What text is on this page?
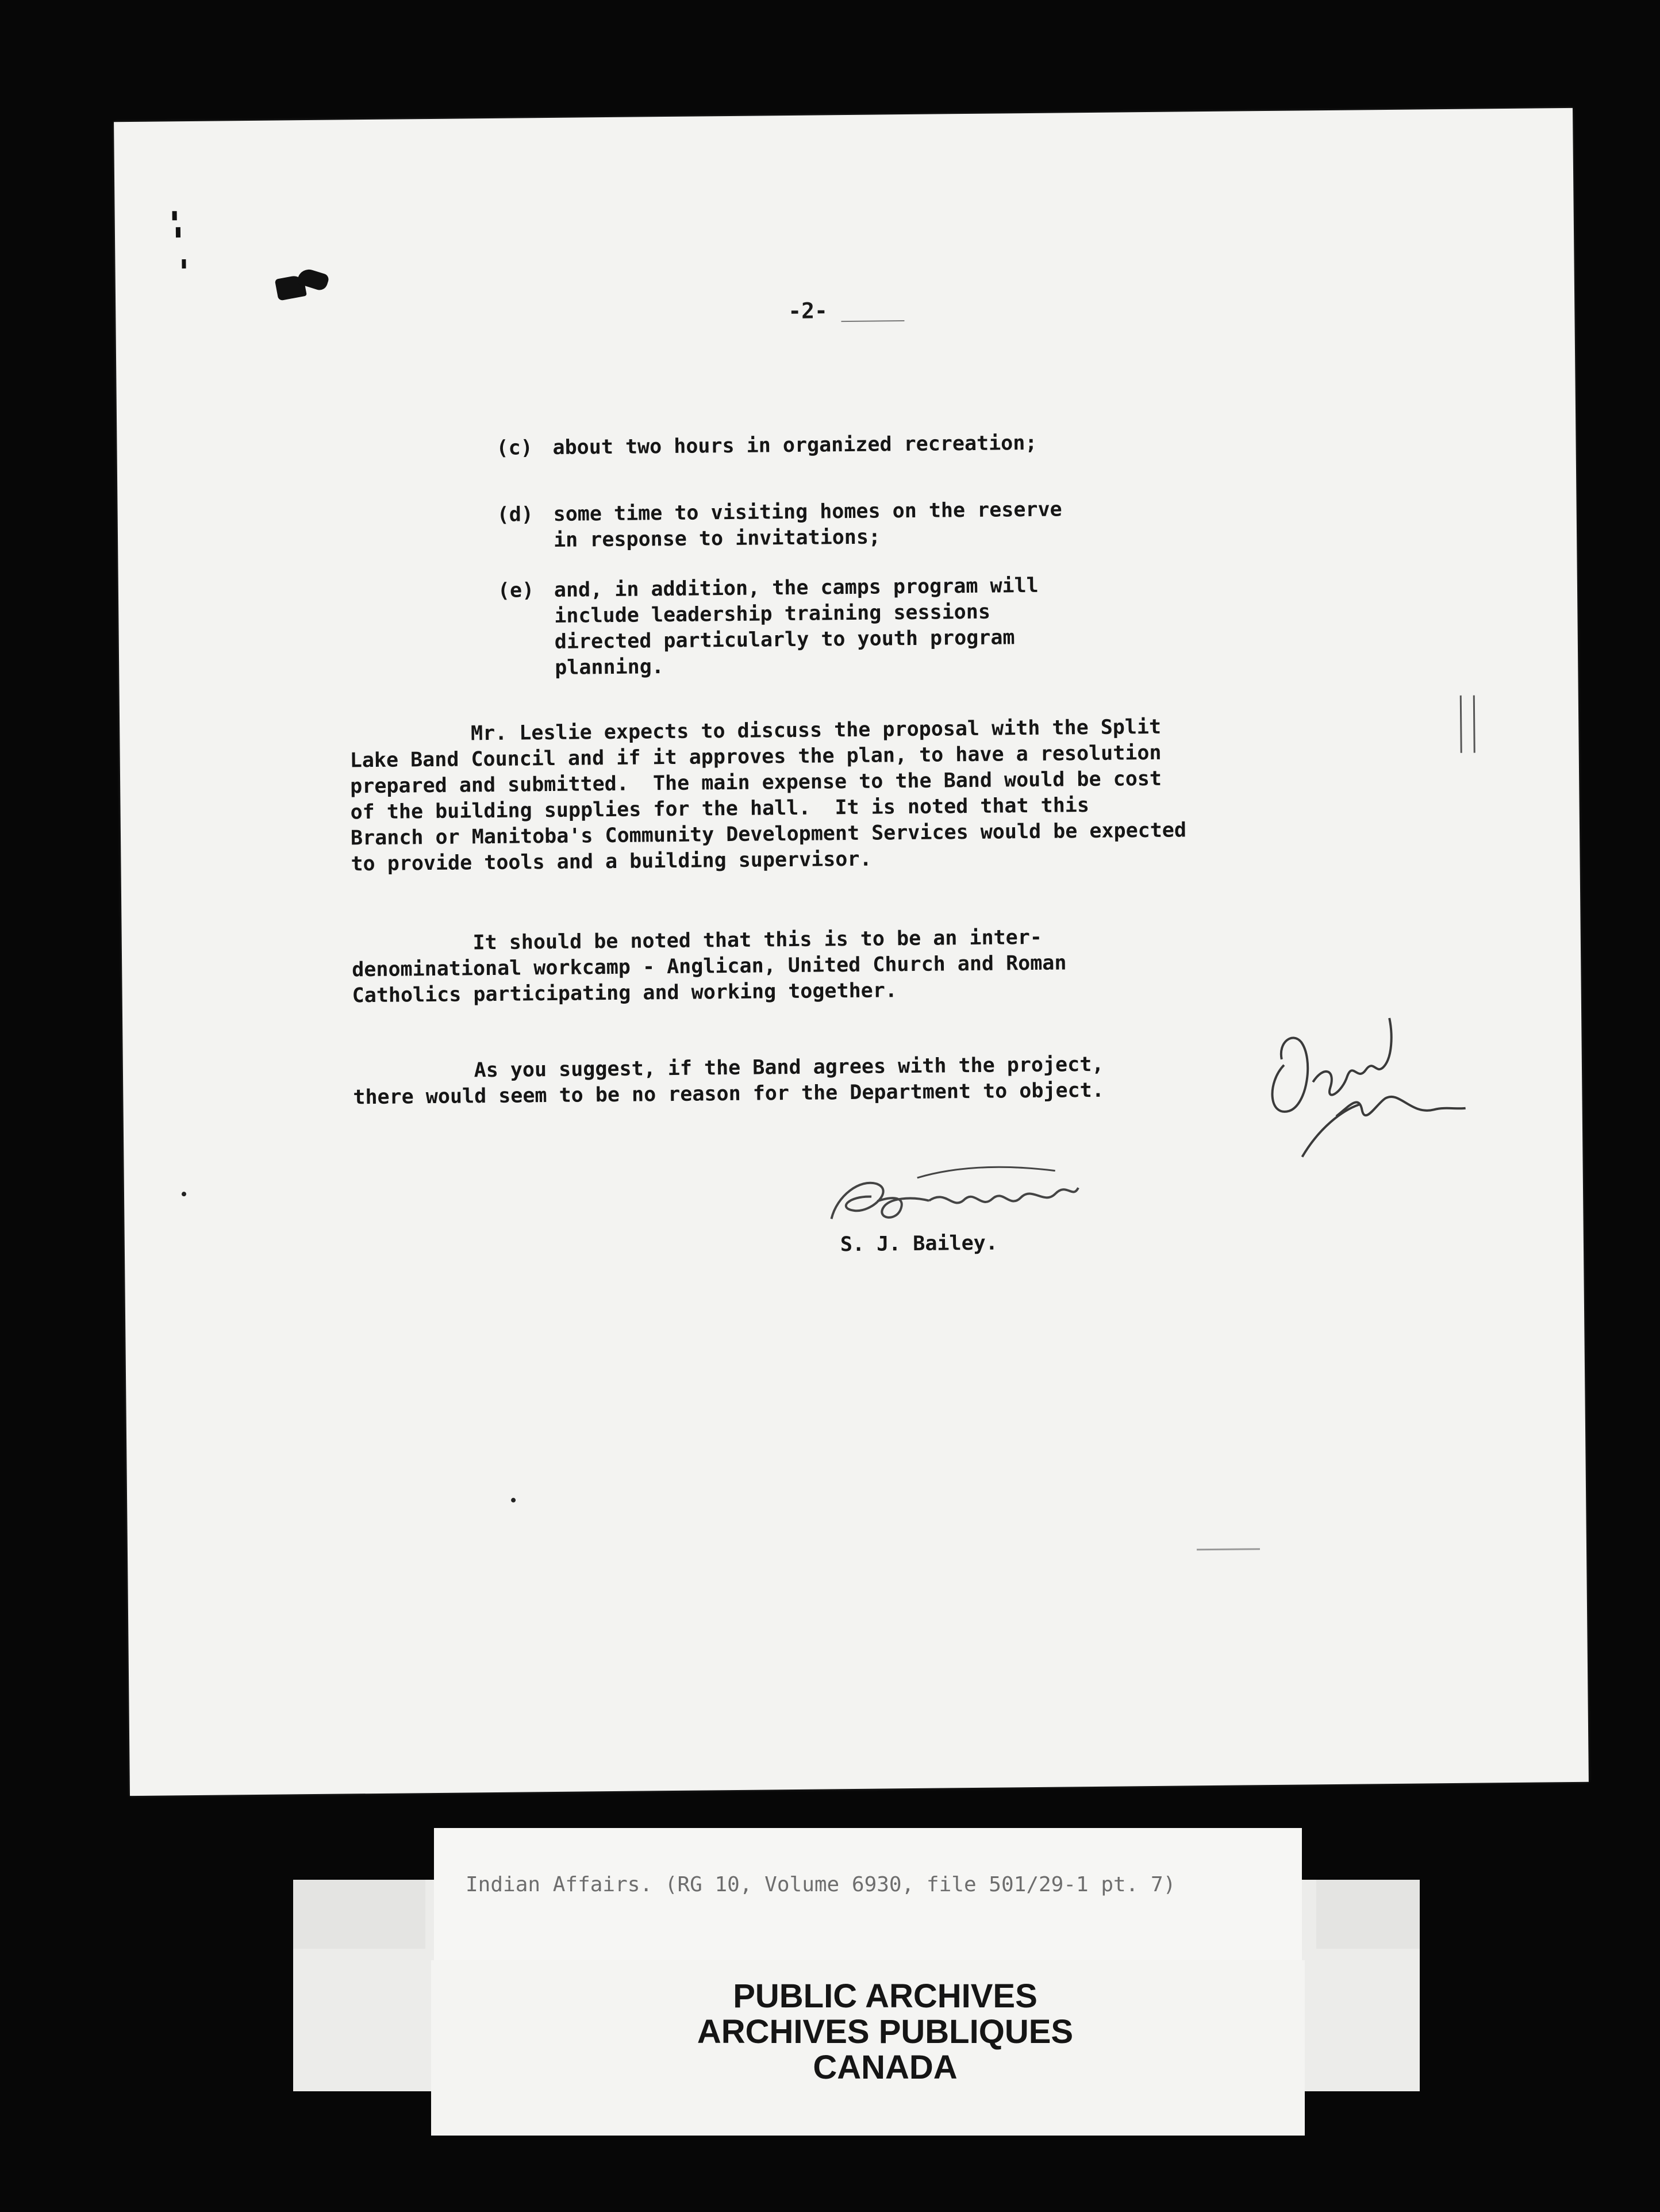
-2-
(c) about two hours in organized recreation;
(d) some time to visiting homes on the reserve
in response to invitations;
(e) and, in addition, the camps program will
include leadership training sessions
directed particularly to youth program
planning.

Mr. Leslie expects to discuss the proposal with the Split
Lake Band Council and if it approves the plan, to have a resolution
prepared and submitted.  The main expense to the Band would be cost
of the building supplies for the hall.  It is noted that this
Branch or Manitoba's Community Development Services would be expected
to provide tools and a building supervisor.

It should be noted that this is to be an inter-
denominational workcamp - Anglican, United Church and Roman
Catholics participating and working together.

As you suggest, if the Band agrees with the project,
there would seem to be no reason for the Department to object.

S. J. Bailey.
Indian Affairs. (RG 10, Volume 6930, file 501/29-1 pt. 7)
PUBLIC ARCHIVES
ARCHIVES PUBLIQUES
CANADA
